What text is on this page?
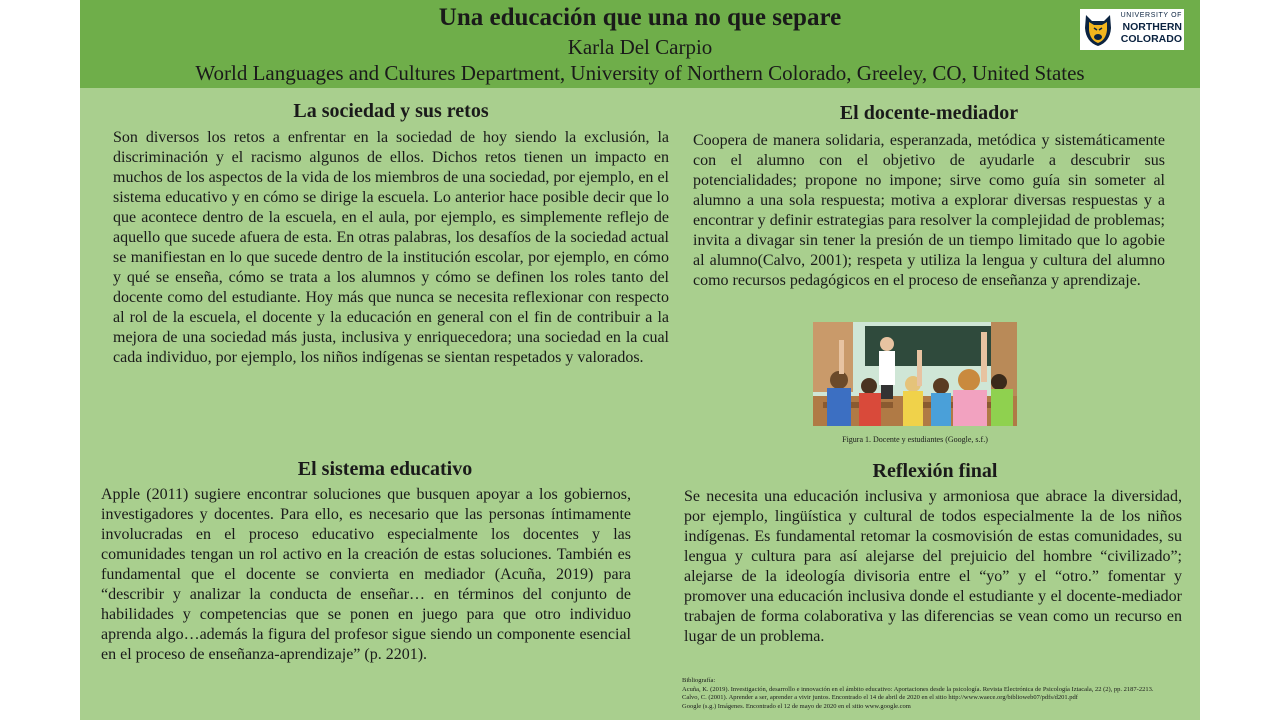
Una educación que una no que separe
Karla Del Carpio
World Languages and Cultures Department, University of Northern Colorado, Greeley, CO, United States
UNIVERSITY OF
NORTHERN
COLORADO
La sociedad y sus retos

Son diversos los retos a enfrentar en la sociedad de hoy siendo la exclusión, la discriminación y el racismo algunos de ellos. Dichos retos tienen un impacto en muchos de los aspectos de la vida de los miembros de una sociedad, por ejemplo, en el sistema educativo y en cómo se dirige la escuela. Lo anterior hace posible decir que lo que acontece dentro de la escuela, en el aula, por ejemplo, es simplemente reflejo de aquello que sucede afuera de esta. En otras palabras, los desafíos de la sociedad actual se manifiestan en lo que sucede dentro de la institución escolar, por ejemplo, en cómo y qué se enseña, cómo se trata a los alumnos y cómo se definen los roles tanto del docente como del estudiante. Hoy más que nunca se necesita reflexionar con respecto al rol de la escuela, el docente y la educación en general con el fin de contribuir a la mejora de una sociedad más justa, inclusiva y enriquecedora; una sociedad en la cual cada individuo, por ejemplo, los niños indígenas se sientan respetados y valorados.

El sistema educativo

Apple (2011) sugiere encontrar soluciones que busquen apoyar a los gobiernos, investigadores y docentes. Para ello, es necesario que las personas íntimamente involucradas en el proceso educativo especialmente los docentes y las comunidades tengan un rol activo en la creación de estas soluciones. También es fundamental que el docente se convierta en mediador (Acuña, 2019) para “describir y analizar la conducta de enseñar… en términos del conjunto de habilidades y competencias que se ponen en juego para que otro individuo aprenda algo…además la figura del profesor sigue siendo un componente esencial en el proceso de enseñanza-aprendizaje” (p. 2201).

El docente-mediador

Coopera de manera solidaria, esperanzada, metódica y sistemáticamente con el alumno con el objetivo de ayudarle a descubrir sus potencialidades; propone no impone; sirve como guía sin someter al alumno a una sola respuesta; motiva a explorar diversas respuestas y a encontrar y definir estrategias para resolver la complejidad de problemas; invita a divagar sin tener la presión de un tiempo limitado que lo agobie al alumno(Calvo, 2001); respeta y utiliza la lengua y cultura del alumno como recursos pedagógicos en el proceso de enseñanza y aprendizaje.

Figura 1. Docente y estudiantes (Google, s.f.)
Reflexión final

Se necesita una educación inclusiva y armoniosa que abrace la diversidad, por ejemplo, lingüística y cultural de todos especialmente la de los niños indígenas. Es fundamental retomar la cosmovisión de estas comunidades, su lengua y cultura para así alejarse del prejuicio del hombre “civilizado”; alejarse de la ideología divisoria entre el “yo” y el “otro.” fomentar y promover una educación inclusiva donde el estudiante y el docente-mediador trabajen de forma colaborativa y las diferencias se vean como un recurso en lugar de un problema.

Bibliografía:

Acuña, K. (2019). Investigación, desarrollo e innovación en el ámbito educativo: Aportaciones desde la psicología. Revista Electrónica de Psicología Iztacala, 22 (2), pp. 2187-2213.

Calvo, C. (2001). Aprender a ser, aprender a vivir juntos. Encontrado el 14 de abril de 2020 en el sitio http://www.waece.org/biblioweb07/pdfs/d201.pdf

Google (s.g.) Imágenes. Encontrado el 12 de mayo de 2020 en el sitio www.google.com
